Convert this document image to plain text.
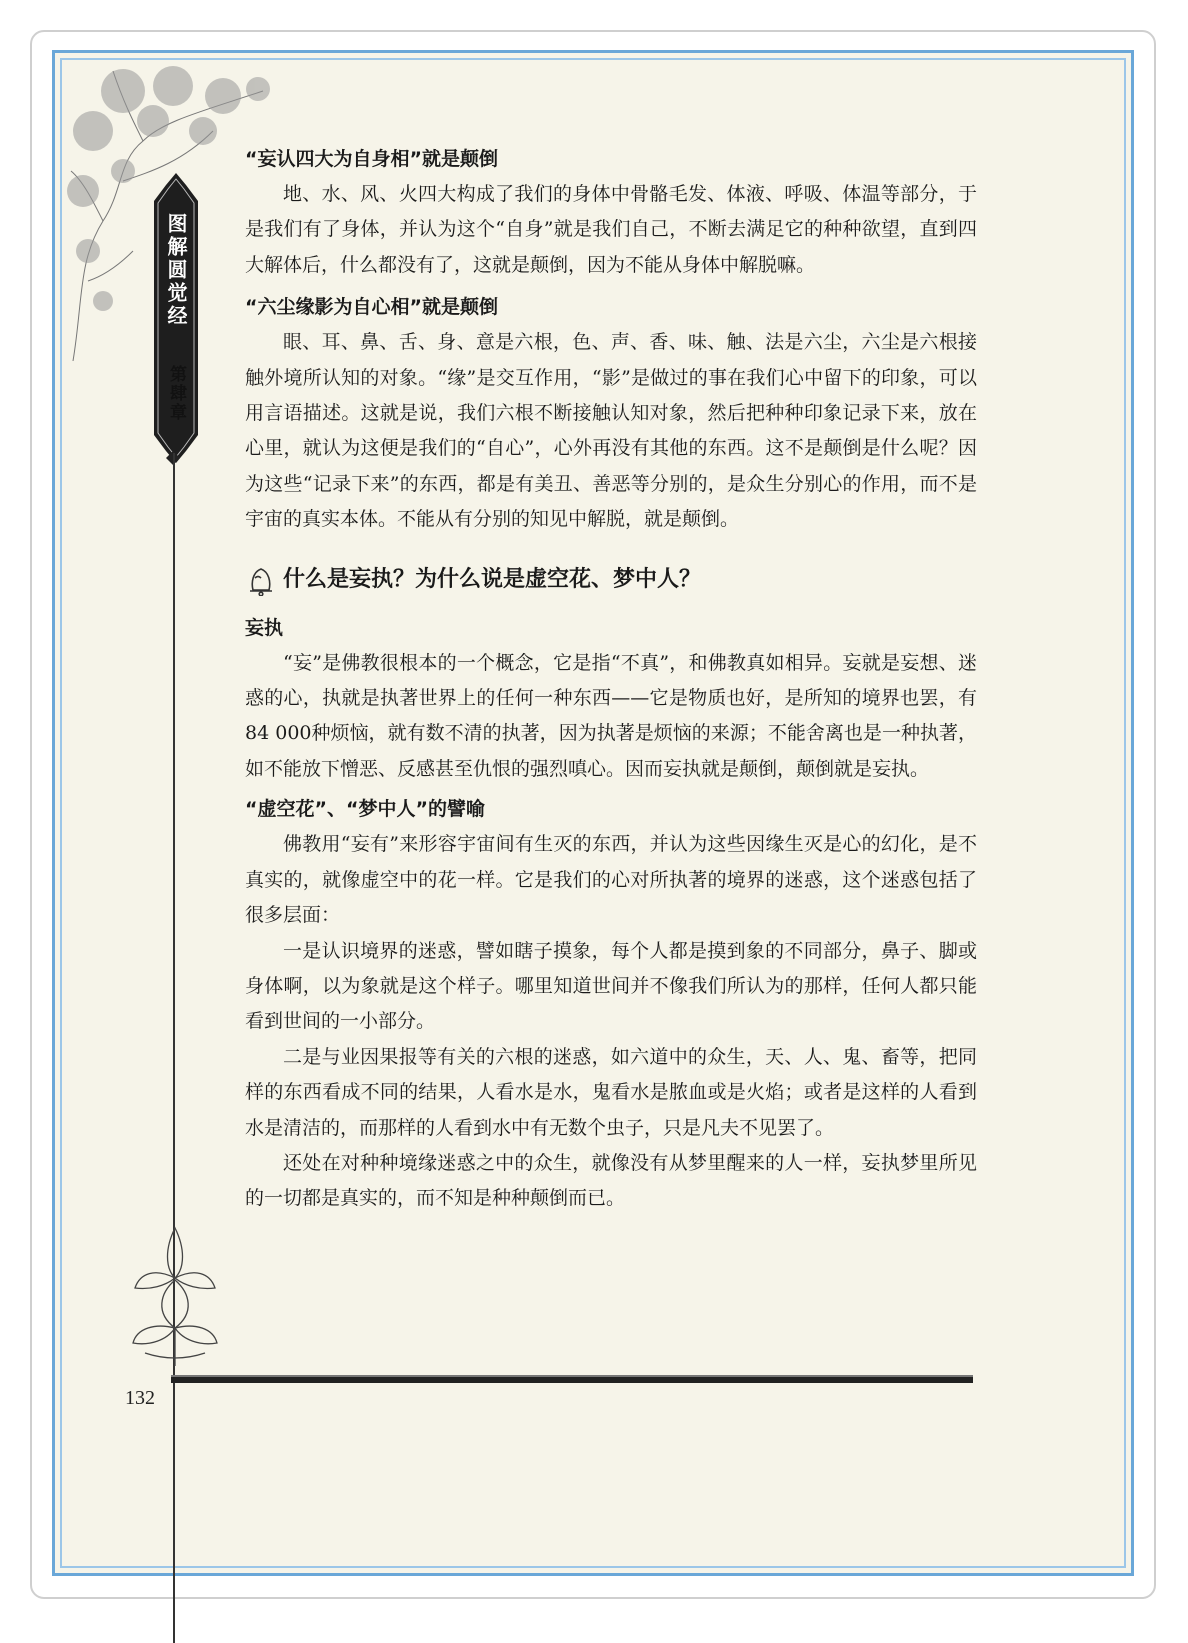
图解圆觉经
第肆章
“妄认四大为自身相”就是颠倒

地、水、风、火四大构成了我们的身体中骨骼毛发、体液、呼吸、体温等部分，于是我们有了身体，并认为这个“自身”就是我们自己，不断去满足它的种种欲望，直到四大解体后，什么都没有了，这就是颠倒，因为不能从身体中解脱嘛。

“六尘缘影为自心相”就是颠倒

眼、耳、鼻、舌、身、意是六根，色、声、香、味、触、法是六尘，六尘是六根接触外境所认知的对象。“缘”是交互作用，“影”是做过的事在我们心中留下的印象，可以用言语描述。这就是说，我们六根不断接触认知对象，然后把种种印象记录下来，放在心里，就认为这便是我们的“自心”，心外再没有其他的东西。这不是颠倒是什么呢？因为这些“记录下来”的东西，都是有美丑、善恶等分别的，是众生分别心的作用，而不是宇宙的真实本体。不能从有分别的知见中解脱，就是颠倒。

什么是妄执？为什么说是虚空花、梦中人？
妄执

“妄”是佛教很根本的一个概念，它是指“不真”，和佛教真如相异。妄就是妄想、迷惑的心，执就是执著世界上的任何一种东西——它是物质也好，是所知的境界也罢，有84 000种烦恼，就有数不清的执著，因为执著是烦恼的来源；不能舍离也是一种执著，如不能放下憎恶、反感甚至仇恨的强烈嗔心。因而妄执就是颠倒，颠倒就是妄执。

“虚空花”、“梦中人”的譬喻

佛教用“妄有”来形容宇宙间有生灭的东西，并认为这些因缘生灭是心的幻化，是不真实的，就像虚空中的花一样。它是我们的心对所执著的境界的迷惑，这个迷惑包括了很多层面：

一是认识境界的迷惑，譬如瞎子摸象，每个人都是摸到象的不同部分，鼻子、脚或身体啊，以为象就是这个样子。哪里知道世间并不像我们所认为的那样，任何人都只能看到世间的一小部分。

二是与业因果报等有关的六根的迷惑，如六道中的众生，天、人、鬼、畜等，把同样的东西看成不同的结果，人看水是水，鬼看水是脓血或是火焰；或者是这样的人看到水是清洁的，而那样的人看到水中有无数个虫子，只是凡夫不见罢了。

还处在对种种境缘迷惑之中的众生，就像没有从梦里醒来的人一样，妄执梦里所见的一切都是真实的，而不知是种种颠倒而已。

132
